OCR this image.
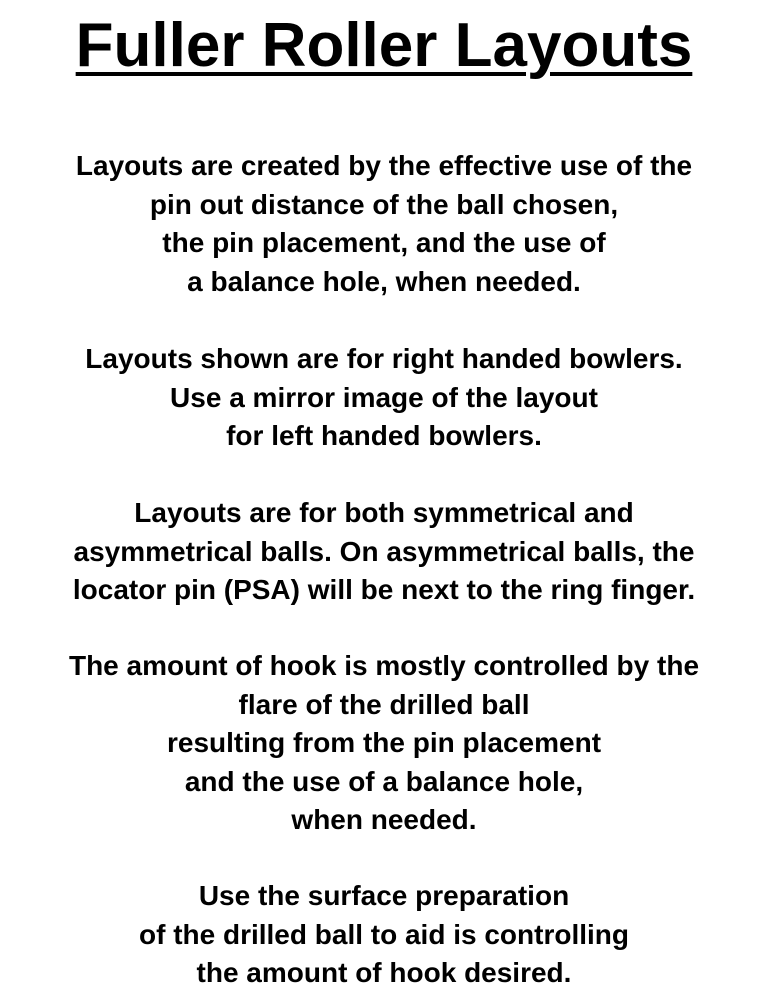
Fuller Roller Layouts
Layouts are created by the effective use of the
pin out distance of the ball chosen,
the pin placement, and the use of
a balance hole, when needed.
Layouts shown are for right handed bowlers.
Use a mirror image of the layout
for left handed bowlers.
Layouts are for both symmetrical and
asymmetrical balls. On asymmetrical balls, the
locator pin (PSA) will be next to the ring finger.
The amount of hook is mostly controlled by the
flare of the drilled ball
resulting from the pin placement
and the use of a balance hole,
when needed.
Use the surface preparation
of the drilled ball to aid is controlling
the amount of hook desired.
